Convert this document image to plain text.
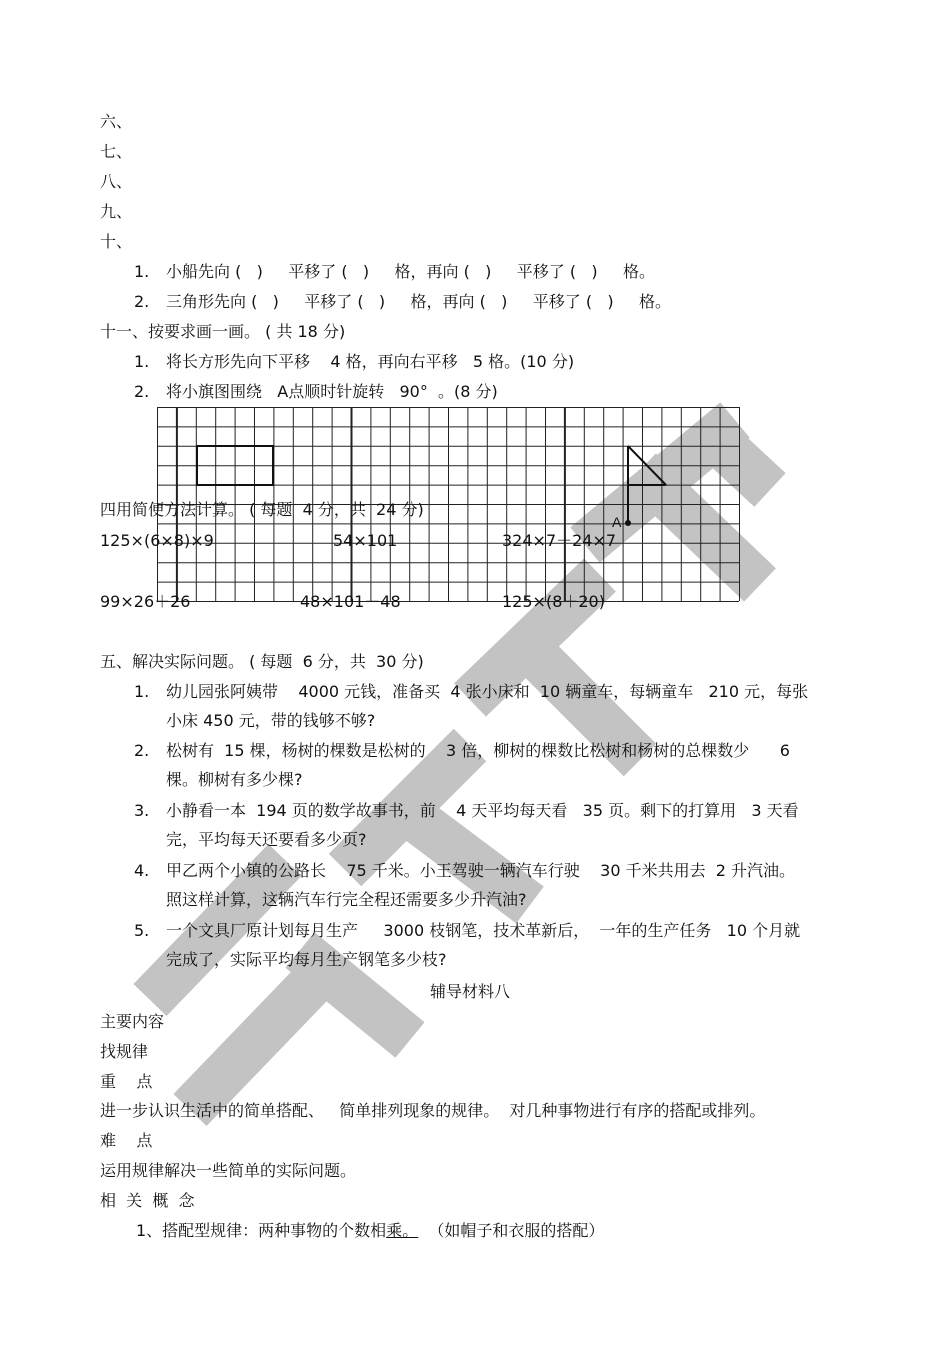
六、
七、
八、
九、
十、
1. 小船先向 (   )     平移了 (   )     格，再向 (   )     平移了 (   )     格。
2. 三角形先向 (   )     平移了 (   )     格，再向 (   )     平移了 (   )     格。
十一、按要求画一画。 ( 共 18 分)
1. 将长方形先向下平移    4 格，再向右平移   5 格。(10 分)
2. 将小旗图围绕   A点顺时针旋转   90°  。(8 分)
A
四用简便方法计算。 ( 每题  4 分，共  24 分)
125×(6×8)×9	54×101	324×7－24×7
99×26＋26	48×101－48	125×(8＋20)
五、解决实际问题。 ( 每题  6 分，共  30 分)
1. 幼儿园张阿姨带    4000 元钱，准备买  4 张小床和  10 辆童车，每辆童车   210 元，每张
小床 450 元，带的钱够不够?
2. 松树有  15 棵，杨树的棵数是松树的    3 倍，柳树的棵数比松树和杨树的总棵数少      6
棵。柳树有多少棵?
3. 小静看一本  194 页的数学故事书，前    4 天平均每天看   35 页。剩下的打算用   3 天看
完，平均每天还要看多少页?
4. 甲乙两个小镇的公路长    75 千米。小王驾驶一辆汽车行驶    30 千米共用去  2 升汽油。
照这样计算，这辆汽车行完全程还需要多少升汽油?
5. 一个文具厂原计划每月生产     3000 枝钢笔，技术革新后，  一年的生产任务   10 个月就
完成了，实际平均每月生产钢笔多少枝?
辅导材料八
主要内容
找规律
重    点
进一步认识生活中的简单搭配、   简单排列现象的规律。  对几种事物进行有序的搭配或排列。
难    点
运用规律解决一些简单的实际问题。
相  关  概  念
1、搭配型规律：两种事物的个数相乘。  （如帽子和衣服的搭配）
